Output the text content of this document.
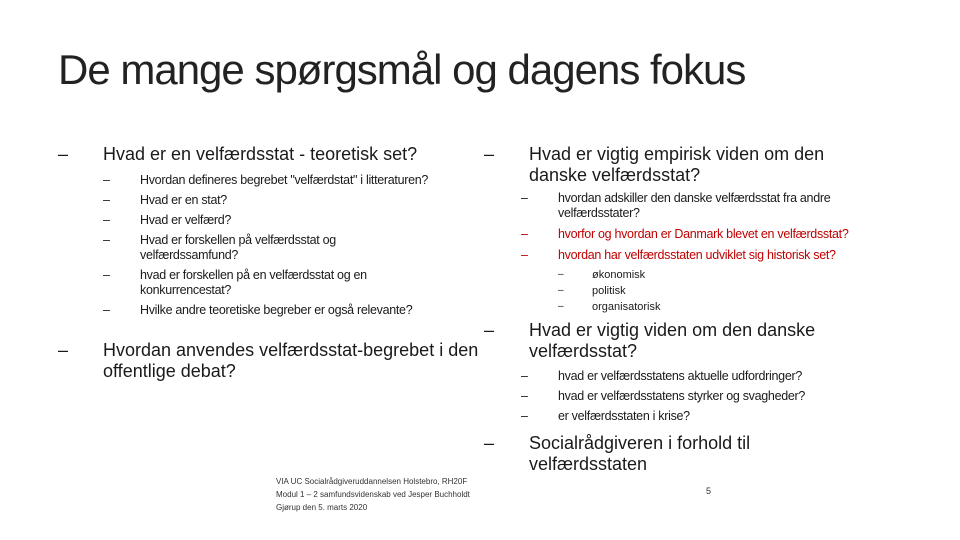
De mange spørgsmål og dagens fokus
– Hvad er en velfærdsstat - teoretisk set?
– Hvordan defineres begrebet "velfærdstat" i litteraturen?
– Hvad er en stat?
– Hvad er velfærd?
– Hvad er forskellen på velfærdsstat og velfærdssamfund?
– hvad er forskellen på en velfærdsstat og en konkurrencestat?
– Hvilke andre teoretiske begreber er også relevante?
– Hvordan anvendes velfærdsstat-begrebet i den offentlige debat?
– Hvad er vigtig empirisk viden om den danske velfærdsstat?
– hvordan adskiller den danske velfærdsstat fra andre velfærdsstater?
– hvorfor og hvordan er Danmark blevet en velfærdsstat?
– hvordan har velfærdsstaten udviklet sig historisk set?
–	økonomisk
–	politisk
–	organisatorisk
– Hvad er vigtig viden om den danske velfærdsstat?
– hvad er velfærdsstatens aktuelle udfordringer?
– hvad er velfærdsstatens styrker og svagheder?
– er velfærdsstaten i krise?
– Socialrådgiveren i forhold til velfærdsstaten
VIA UC Socialrådgiveruddannelsen Holstebro, RH20F
Modul 1 – 2 samfundsvidenskab ved Jesper Buchholdt
Gjørup den 5. marts 2020
5
